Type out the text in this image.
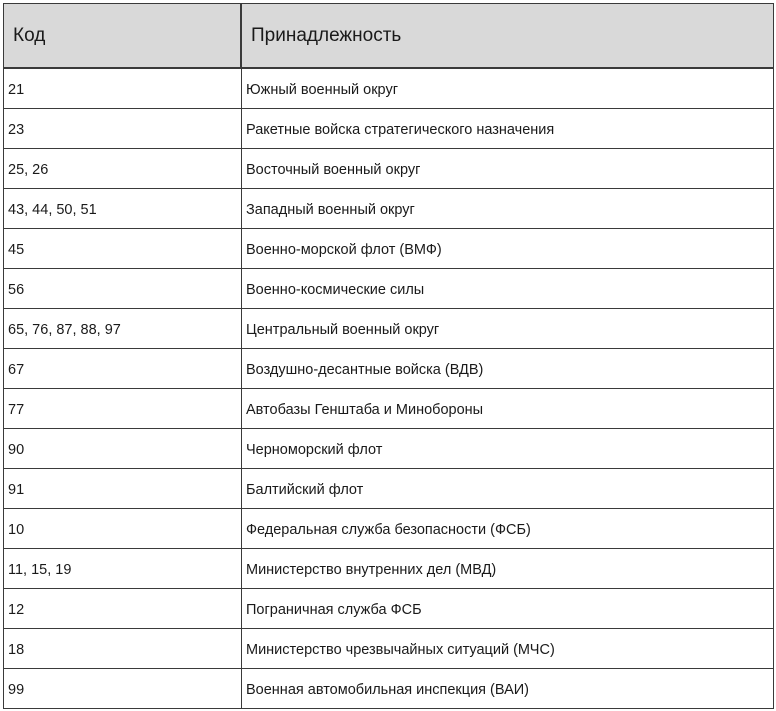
Код	Принадлежность
21	Южный военный округ
23	Ракетные войска стратегического назначения
25, 26	Восточный военный округ
43, 44, 50, 51	Западный военный округ
45	Военно-морской флот (ВМФ)
56	Военно-космические силы
65, 76, 87, 88, 97	Центральный военный округ
67	Воздушно-десантные войска (ВДВ)
77	Автобазы Генштаба и Минобороны
90	Черноморский флот
91	Балтийский флот
10	Федеральная служба безопасности (ФСБ)
11, 15, 19	Министерство внутренних дел (МВД)
12	Пограничная служба ФСБ
18	Министерство чрезвычайных ситуаций (МЧС)
99	Военная автомобильная инспекция (ВАИ)
